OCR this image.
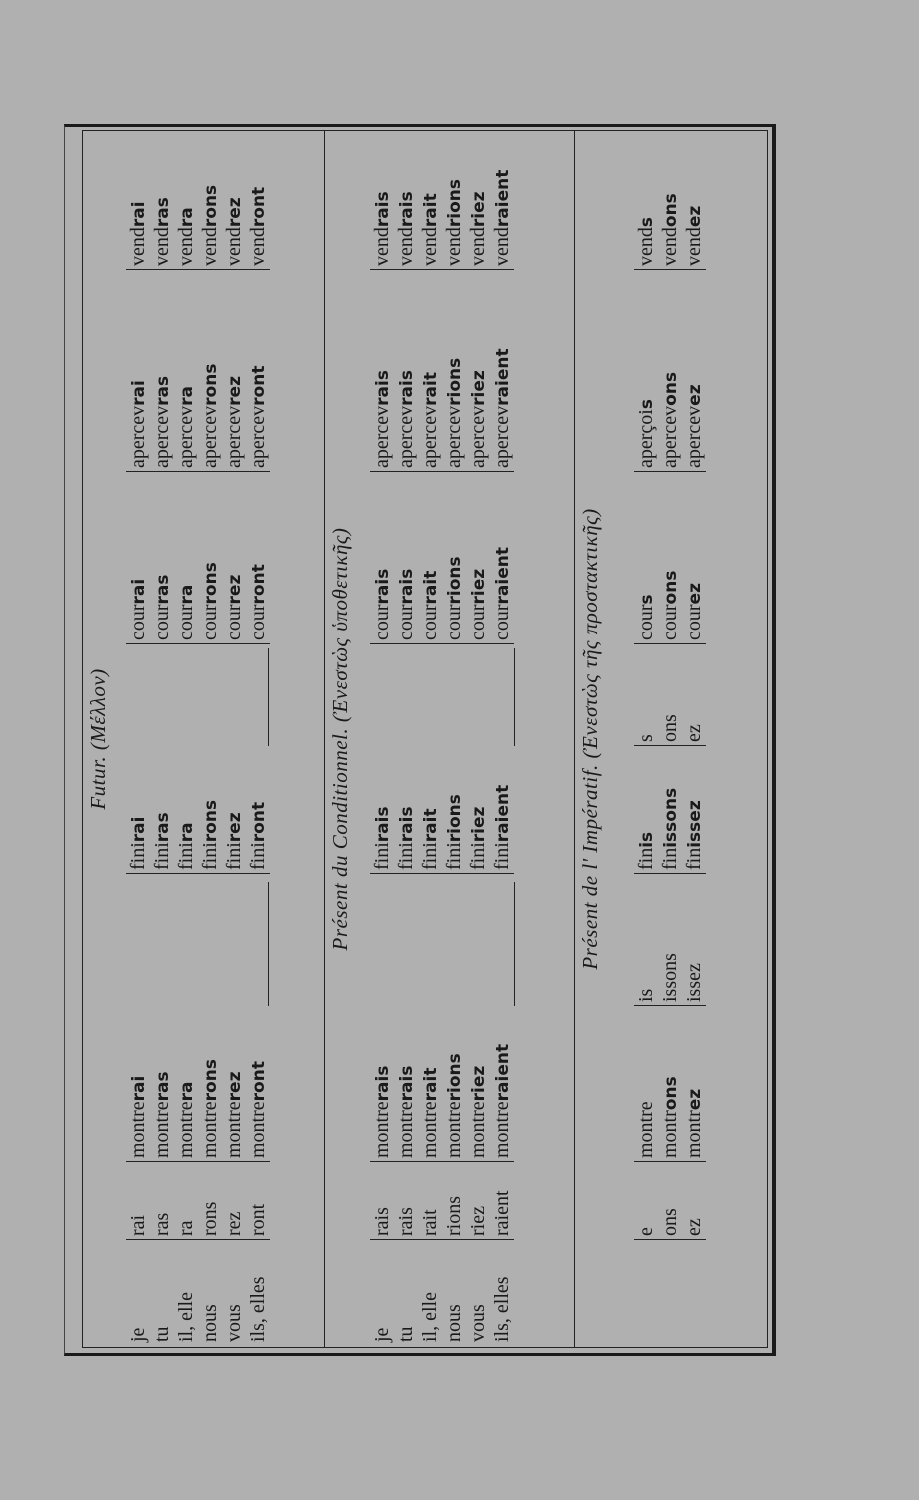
Futur. (Μέλλον)
je tu il, elle nous vous ils, elles
rai ras ra rons rez ront
montrerai
montreras
montrera
montrerons
montrerez
montreront
finirai
finiras
finira
finirons
finirez
finiront
courrai
courras
courra
courrons
courrez
courront
apercevrai
apercevras
apercevra
apercevrons
apercevrez
apercevront
vendrai
vendras
vendra
vendrons
vendrez
vendront
Présent du Conditionnel. (Ἐνεστὼς ὑποθετικῆς)
je tu il, elle nous vous ils, elles
rais rais rait rions riez raient
montrerais
montrerais
montrerait
montrerions
montreriez
montreraient
finirais
finirais
finirait
finirions
finiriez
finiraient
courrais
courrais
courrait
courrions
courriez
courraient
apercevrais
apercevrais
apercevrait
apercevrions
apercevriez
apercevraient
vendrais
vendrais
vendrait
vendrions
vendriez
vendraient
Présent de l' Impératif. (Ἐνεστὼς τῆς προστακτικῆς)
e ons ez
montre montrons
montrez
is issons issez
finis
finissons
finissez
s ons ez
cours
courons
courez
aperçois
apercevons
apercevez
vends
vendons
vendez
